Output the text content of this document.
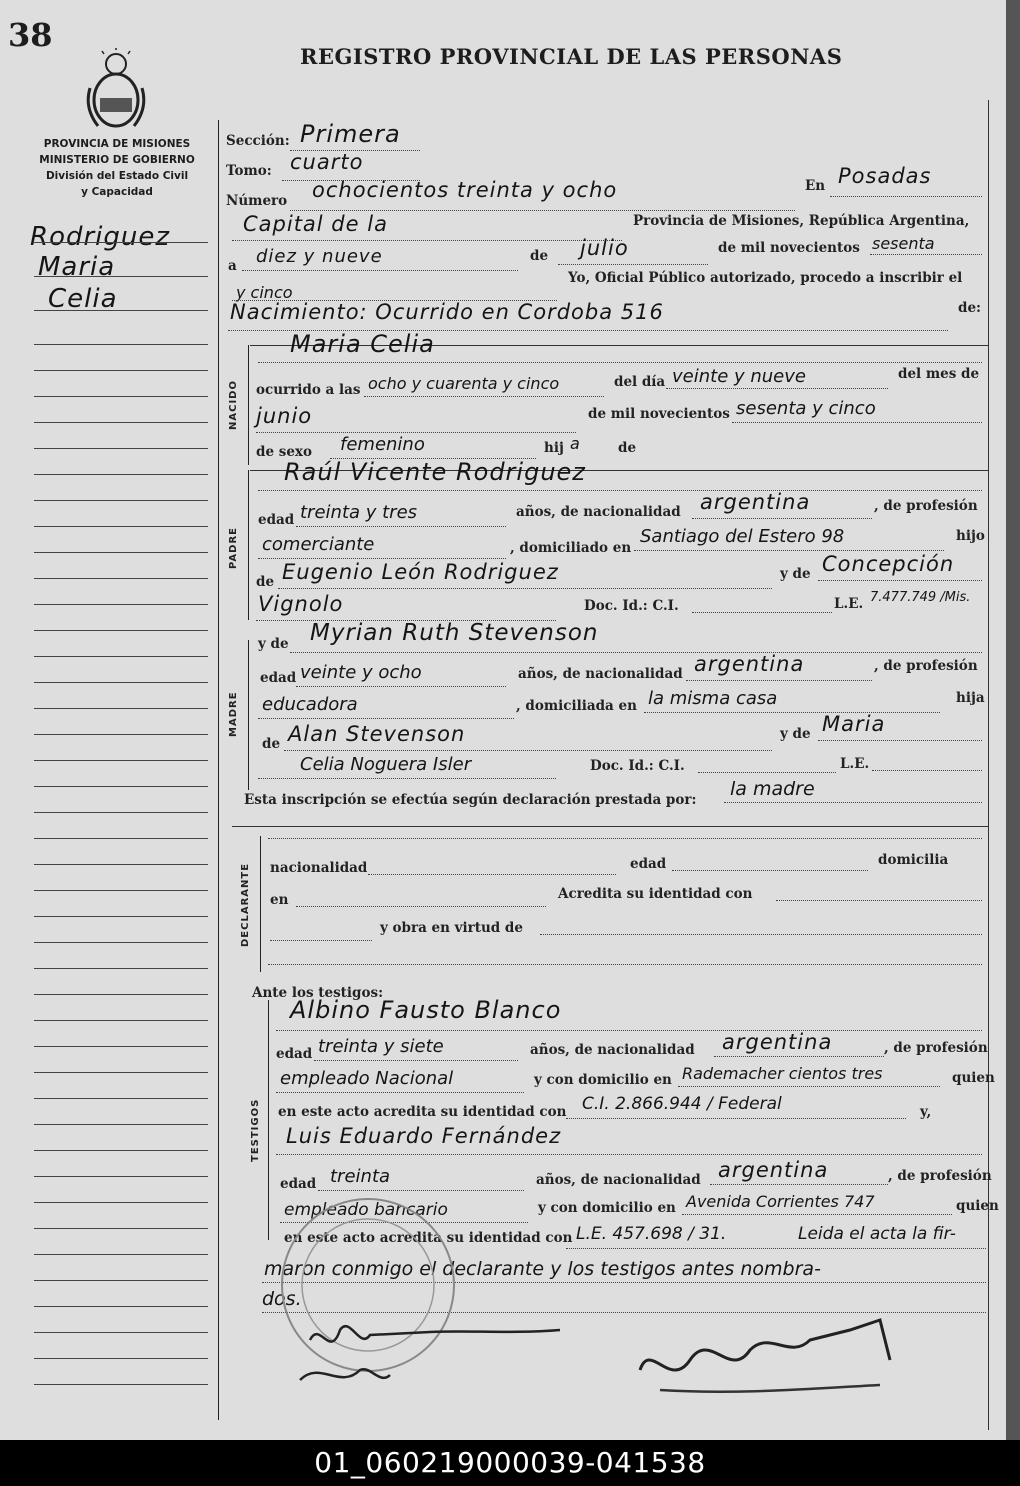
38
REGISTRO PROVINCIAL DE LAS PERSONAS
PROVINCIA DE MISIONES
MINISTERIO DE GOBIERNO
División del Estado Civil
y Capacidad
Rodriguez
Maria
Celia
Sección: Primera
Tomo: cuarto
Número ochocientos treinta y ocho	En Posadas
Capital de la	Provincia de Misiones, República Argentina,
a diez y nueve	de julio	de mil novecientos sesenta
y cinco
Yo, Oficial Público autorizado, procedo a inscribir el
Nacimiento: Ocurrido en Cordoba 516	de:
NACIDO
Maria Celia
ocurrido a las ocho y cuarenta y cinco	del día veinte y nueve	del mes de
junio	de mil novecientos sesenta y cinco
de sexo femenino	hij a	de
PADRE
Raúl Vicente Rodriguez
edad treinta y tres	años, de nacionalidad argentina	, de profesión
comerciante	, domiciliado en
Santiago del Estero 98	hijo
de Eugenio León Rodriguez	y de Concepción
Vignolo	Doc. Id.: C.I.	L.E. 7.477.749 /Mis.
MADRE
y de Myrian Ruth Stevenson
edad veinte y ocho	años, de nacionalidad argentina	, de profesión
educadora	, domiciliada en la misma casa	hija
de Alan Stevenson	y de Maria
Celia Noguera Isler	Doc. Id.: C.I.	L.E.
Esta inscripción se efectúa según declaración prestada por: la madre
DECLARANTE	nacionalidad	edad	domicilia
en	Acredita su identidad con
y obra en virtud de
Ante los testigos:
TESTIGOS
Albino Fausto Blanco
edad treinta y siete	años, de nacionalidad argentina	, de profesión
empleado Nacional	y con domicilio en Rademacher cientos tres	quien
en este acto acredita su identidad con C.I. 2.866.944 / Federal	y,
Luis Eduardo Fernández
edad treinta	años, de nacionalidad argentina	, de profesión
empleado bancario	y con domicilio en Avenida Corrientes 747	quien
en este acto acredita su identidad con L.E. 457.698 / 31.	Leida el acta la fir-
maron conmigo el declarante y los testigos antes nombra-
dos.
01_060219000039-041538
